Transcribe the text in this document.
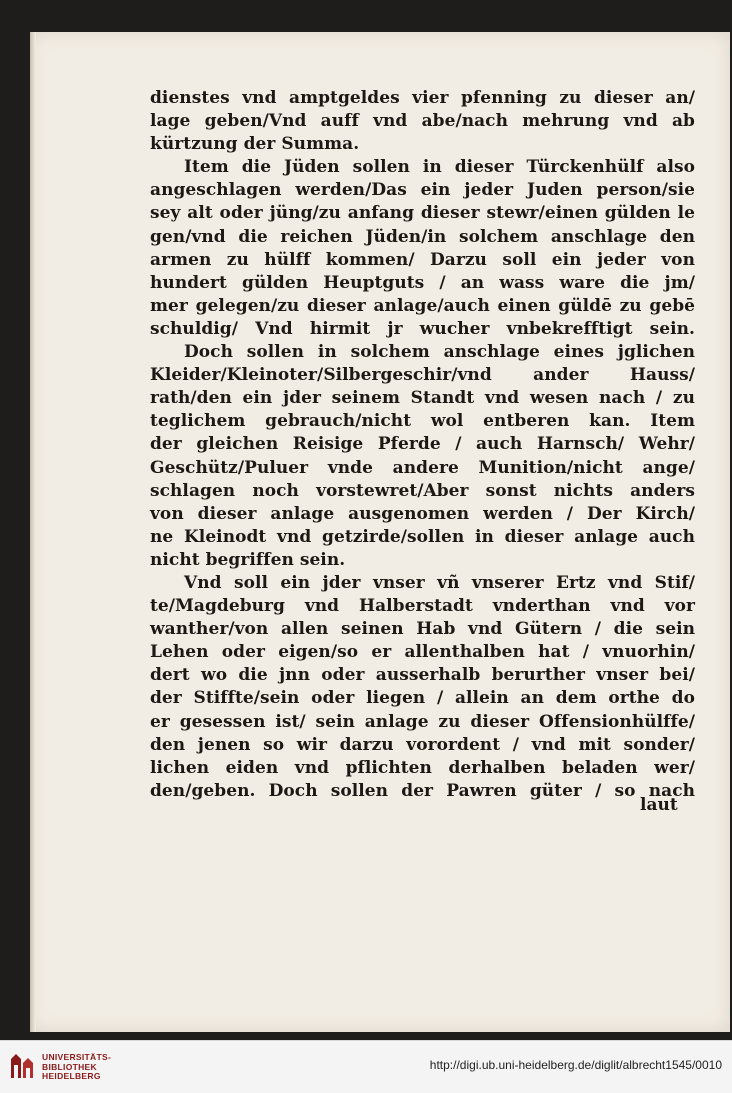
dienstes vnd amptgeldes vier pfenning zu dieser an/
lage geben/Vnd auff vnd abe/nach mehrung vnd ab
kürtzung der Summa.
Item die Jüden sollen in dieser Türckenhülf also
angeschlagen werden/Das ein jeder Juden person/sie
sey alt oder jüng/zu anfang dieser stewr/einen gülden le
gen/vnd die reichen Jüden/in solchem anschlage den
armen zu hülff kommen/ Darzu soll ein jeder von
hundert gülden Heuptguts / an wass ware die jm/
mer gelegen/zu dieser anlage/auch einen güldē zu gebē
schuldig/ Vnd hirmit jr wucher vnbekrefftigt sein.
Doch sollen in solchem anschlage eines jglichen
Kleider/Kleinoter/Silbergeschir/vnd ander Hauss/
rath/den ein jder seinem Standt vnd wesen nach / zu
teglichem gebrauch/nicht wol entberen kan. Item
der gleichen Reisige Pferde / auch Harnsch/ Wehr/
Geschütz/Puluer vnde andere Munition/nicht ange/
schlagen noch vorstewret/Aber sonst nichts anders
von dieser anlage ausgenomen werden / Der Kirch/
ne Kleinodt vnd getzirde/sollen in dieser anlage auch
nicht begriffen sein.
Vnd soll ein jder vnser vñ vnserer Ertz vnd Stif/
te/Magdeburg vnd Halberstadt vnderthan vnd vor
wanther/von allen seinen Hab vnd Gütern / die sein
Lehen oder eigen/so er allenthalben hat / vnuorhin/
dert wo die jnn oder ausserhalb berurther vnser bei/
der Stiffte/sein oder liegen / allein an dem orthe do
er gesessen ist/ sein anlage zu dieser Offensionhülffe/
den jenen so wir darzu vorordent / vnd mit sonder/
lichen eiden vnd pflichten derhalben beladen wer/
den/geben. Doch sollen der Pawren güter / so nach
laut
UNIVERSITÄTS-
BIBLIOTHEK
HEIDELBERG
http://digi.ub.uni-heidelberg.de/diglit/albrecht1545/0010
